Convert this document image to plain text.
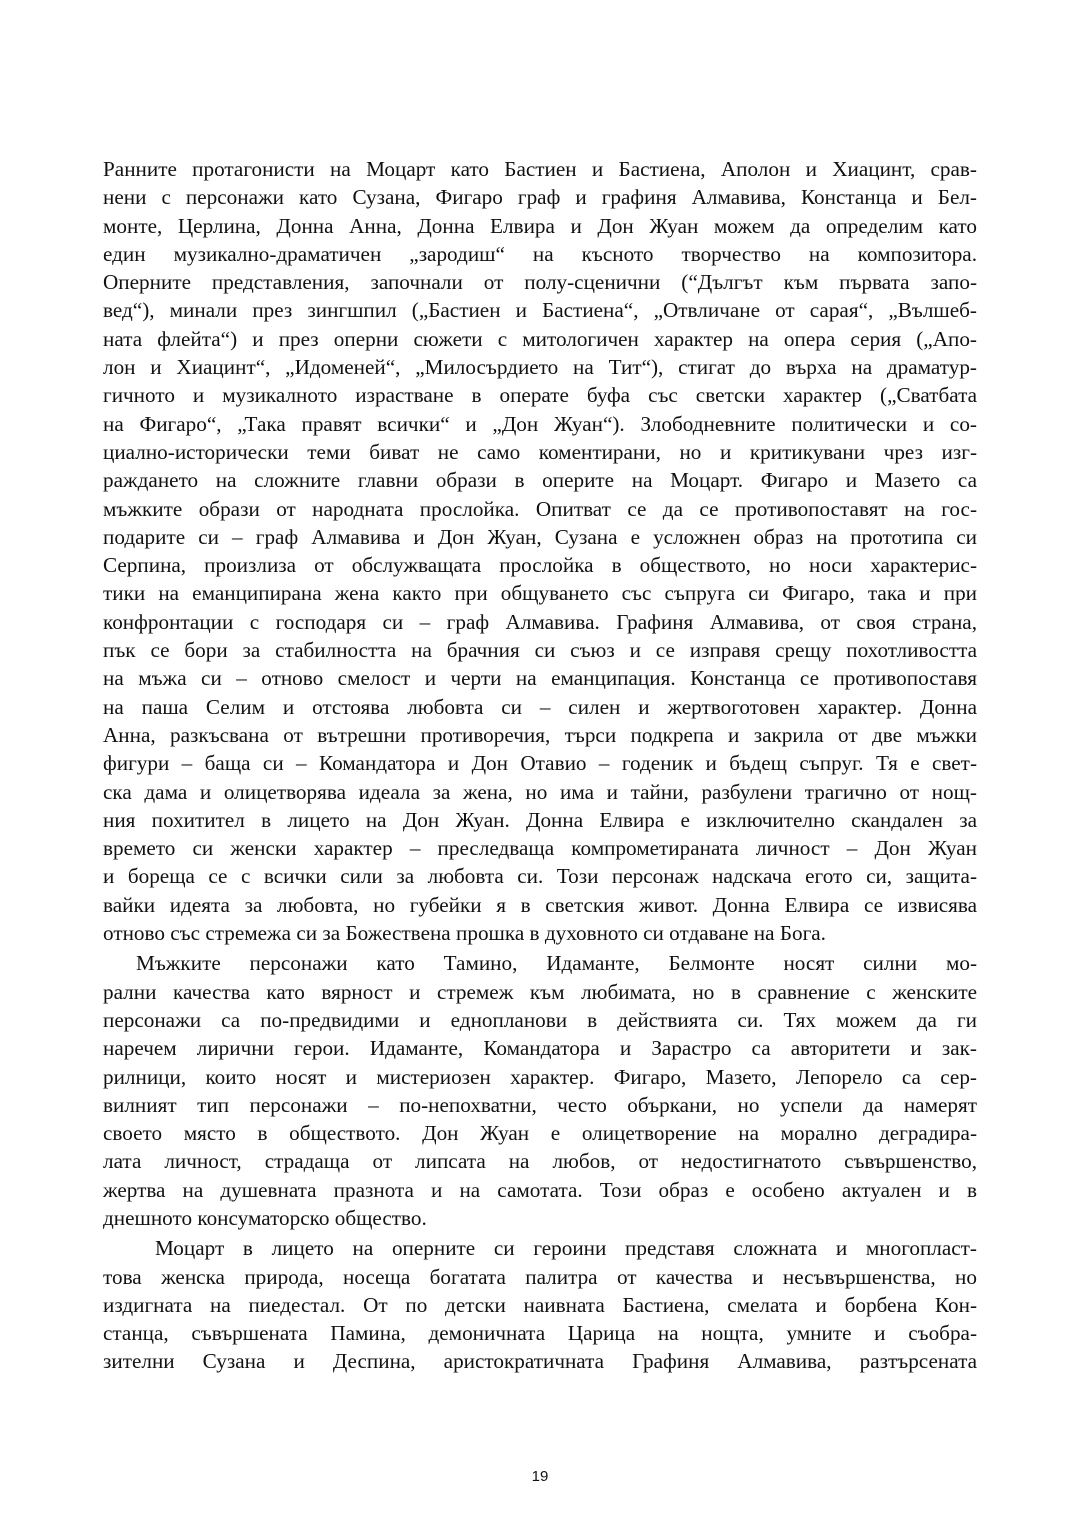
Ранните протагонисти на Моцарт като Бастиен и Бастиена, Аполон и Хиацинт, срав-
нени с персонажи като Сузана, Фигаро граф и графиня Алмавива, Констанца и Бел-
монте, Церлина, Донна Анна, Донна Елвира и Дон Жуан можем да определим като
един музикално-драматичен „зародиш“ на късното творчество на композитора.
Оперните представления, започнали от полу-сценични (“Дългът към първата запо-
вед“), минали през зингшпил („Бастиен и Бастиена“, „Отвличане от сарая“, „Вълшеб-
ната флейта“) и през оперни сюжети с митологичен характер на опера серия („Апо-
лон и Хиацинт“, „Идоменей“, „Милосърдието на Тит“), стигат до върха на драматур-
гичното и музикалното израстване в операте буфа със светски характер („Сватбата
на Фигаро“, „Така правят всички“ и „Дон Жуан“). Злободневните политически и со-
циално-исторически теми биват не само коментирани, но и критикувани чрез изг-
раждането на сложните главни образи в оперите на Моцарт. Фигаро и Мазето са
мъжките образи от народната прослойка. Опитват се да се противопоставят на гос-
подарите си – граф Алмавива и Дон Жуан, Сузана е усложнен образ на прототипа си
Серпина, произлиза от обслужващата прослойка в обществото, но носи характерис-
тики на еманципирана жена както при общуването със съпруга си Фигаро, така и при
конфронтации с господаря си – граф Алмавива. Графиня Алмавива, от своя страна,
пък се бори за стабилността на брачния си съюз и се изправя срещу похотливостта
на мъжа си – отново смелост и черти на еманципация. Констанца се противопоставя
на паша Селим и отстоява любовта си – силен и жертвоготовен характер. Донна
Анна, разкъсвана от вътрешни противоречия, търси подкрепа и закрила от две мъжки
фигури – баща си – Командатора и Дон Отавио – годеник и бъдещ съпруг. Тя е свет-
ска дама и олицетворява идеала за жена, но има и тайни, разбулени трагично от нощ-
ния похитител в лицето на Дон Жуан. Донна Елвира е изключително скандален за
времето си женски характер – преследваща компрометираната личност – Дон Жуан
и бореща се с всички сили за любовта си. Този персонаж надскача егото си, защита-
вайки идеята за любовта, но губейки я в светския живот. Донна Елвира се извисява
отново със стремежа си за Божествена прошка в духовното си отдаване на Бога.
Мъжките персонажи като Тамино, Идаманте, Белмонте носят силни мо-
рални качества като вярност и стремеж към любимата, но в сравнение с женските
персонажи са по-предвидими и еднопланови в действията си. Тях можем да ги
наречем лирични герои. Идаманте, Командатора и Зарастро са авторитети и зак-
рилници, които носят и мистериозен характер. Фигаро, Мазето, Лепорело са сер-
вилният тип персонажи – по-непохватни, често объркани, но успели да намерят
своето място в обществото. Дон Жуан е олицетворение на морално деградира-
лата личност, страдаща от липсата на любов, от недостигнатото съвършенство,
жертва на душевната празнота и на самотата. Този образ е особено актуален и в
днешното консуматорско общество.
Моцарт в лицето на оперните си героини представя сложната и многопласт-
това женска природа, носеща богатата палитра от качества и несъвършенства, но
издигната на пиедестал. От по детски наивната Бастиена, смелата и борбена Кон-
станца, съвършената Памина, демоничната Царица на нощта, умните и съобра-
зителни Сузана и Деспина, аристократичната Графиня Алмавива, разтърсената
19
